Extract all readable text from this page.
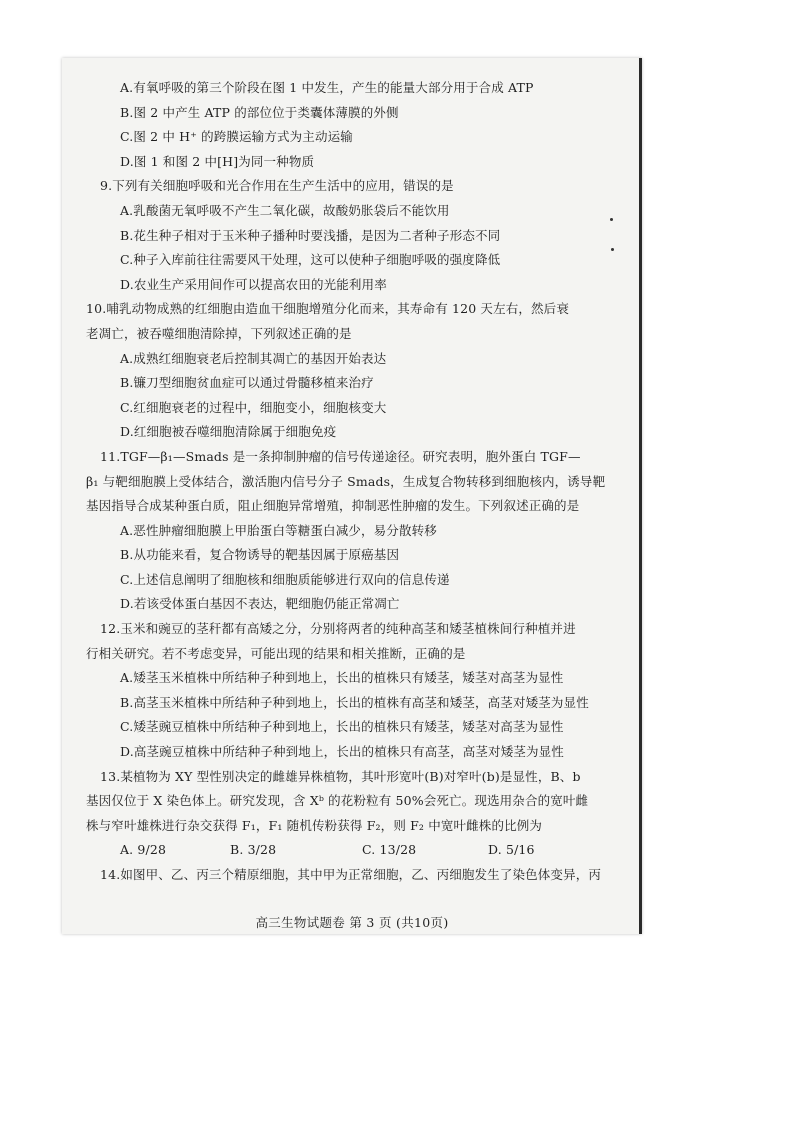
A.有氧呼吸的第三个阶段在图 1 中发生，产生的能量大部分用于合成 ATP
B.图 2 中产生 ATP 的部位位于类囊体薄膜的外侧
C.图 2 中 H⁺ 的跨膜运输方式为主动运输
D.图 1 和图 2 中[H]为同一种物质
9.下列有关细胞呼吸和光合作用在生产生活中的应用，错误的是
A.乳酸菌无氧呼吸不产生二氧化碳，故酸奶胀袋后不能饮用
B.花生种子相对于玉米种子播种时要浅播，是因为二者种子形态不同
C.种子入库前往往需要风干处理，这可以使种子细胞呼吸的强度降低
D.农业生产采用间作可以提高农田的光能利用率
10.哺乳动物成熟的红细胞由造血干细胞增殖分化而来，其寿命有 120 天左右，然后衰
老凋亡，被吞噬细胞清除掉，下列叙述正确的是
A.成熟红细胞衰老后控制其凋亡的基因开始表达
B.镰刀型细胞贫血症可以通过骨髓移植来治疗
C.红细胞衰老的过程中，细胞变小，细胞核变大
D.红细胞被吞噬细胞清除属于细胞免疫
11.TGF—β₁—Smads 是一条抑制肿瘤的信号传递途径。研究表明，胞外蛋白 TGF—
β₁ 与靶细胞膜上受体结合，激活胞内信号分子 Smads，生成复合物转移到细胞核内，诱导靶
基因指导合成某种蛋白质，阻止细胞异常增殖，抑制恶性肿瘤的发生。下列叙述正确的是
A.恶性肿瘤细胞膜上甲胎蛋白等糖蛋白减少，易分散转移
B.从功能来看，复合物诱导的靶基因属于原癌基因
C.上述信息阐明了细胞核和细胞质能够进行双向的信息传递
D.若该受体蛋白基因不表达，靶细胞仍能正常凋亡
12.玉米和豌豆的茎秆都有高矮之分，分别将两者的纯种高茎和矮茎植株间行种植并进
行相关研究。若不考虑变异，可能出现的结果和相关推断，正确的是
A.矮茎玉米植株中所结种子种到地上，长出的植株只有矮茎，矮茎对高茎为显性
B.高茎玉米植株中所结种子种到地上，长出的植株有高茎和矮茎，高茎对矮茎为显性
C.矮茎豌豆植株中所结种子种到地上，长出的植株只有矮茎，矮茎对高茎为显性
D.高茎豌豆植株中所结种子种到地上，长出的植株只有高茎，高茎对矮茎为显性
13.某植物为 XY 型性别决定的雌雄异株植物，其叶形宽叶(B)对窄叶(b)是显性，B、b
基因仅位于 X 染色体上。研究发现，含 Xᵇ 的花粉粒有 50%会死亡。现选用杂合的宽叶雌
株与窄叶雄株进行杂交获得 F₁，F₁ 随机传粉获得 F₂，则 F₂ 中宽叶雌株的比例为
A. 9/28	B. 3/28	C. 13/28	D. 5/16
14.如图甲、乙、丙三个精原细胞，其中甲为正常细胞，乙、丙细胞发生了染色体变异，丙
高三生物试题卷 第 3 页 (共10页)
